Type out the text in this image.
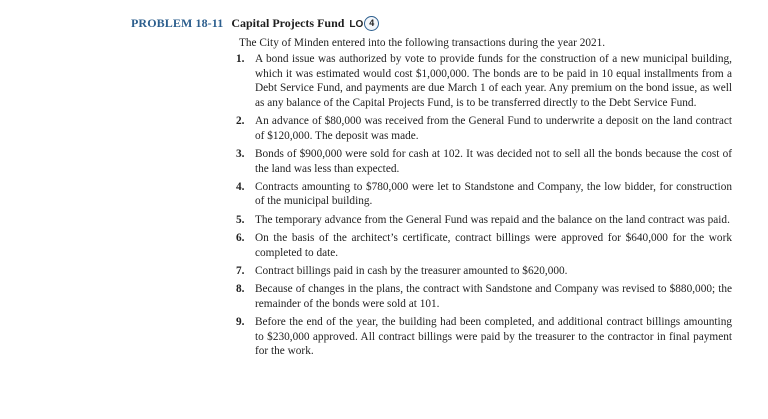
PROBLEM 18-11 Capital Projects Fund LO 4
The City of Minden entered into the following transactions during the year 2021.
1. A bond issue was authorized by vote to provide funds for the construction of a new municipal building, which it was estimated would cost $1,000,000. The bonds are to be paid in 10 equal installments from a Debt Service Fund, and payments are due March 1 of each year. Any premium on the bond issue, as well as any balance of the Capital Projects Fund, is to be transferred directly to the Debt Service Fund.
2. An advance of $80,000 was received from the General Fund to underwrite a deposit on the land contract of $120,000. The deposit was made.
3. Bonds of $900,000 were sold for cash at 102. It was decided not to sell all the bonds because the cost of the land was less than expected.
4. Contracts amounting to $780,000 were let to Standstone and Company, the low bidder, for construction of the municipal building.
5. The temporary advance from the General Fund was repaid and the balance on the land contract was paid.
6. On the basis of the architect’s certificate, contract billings were approved for $640,000 for the work completed to date.
7. Contract billings paid in cash by the treasurer amounted to $620,000.
8. Because of changes in the plans, the contract with Sandstone and Company was revised to $880,000; the remainder of the bonds were sold at 101.
9. Before the end of the year, the building had been completed, and additional contract billings amounting to $230,000 approved. All contract billings were paid by the treasurer to the contractor in final payment for the work.
